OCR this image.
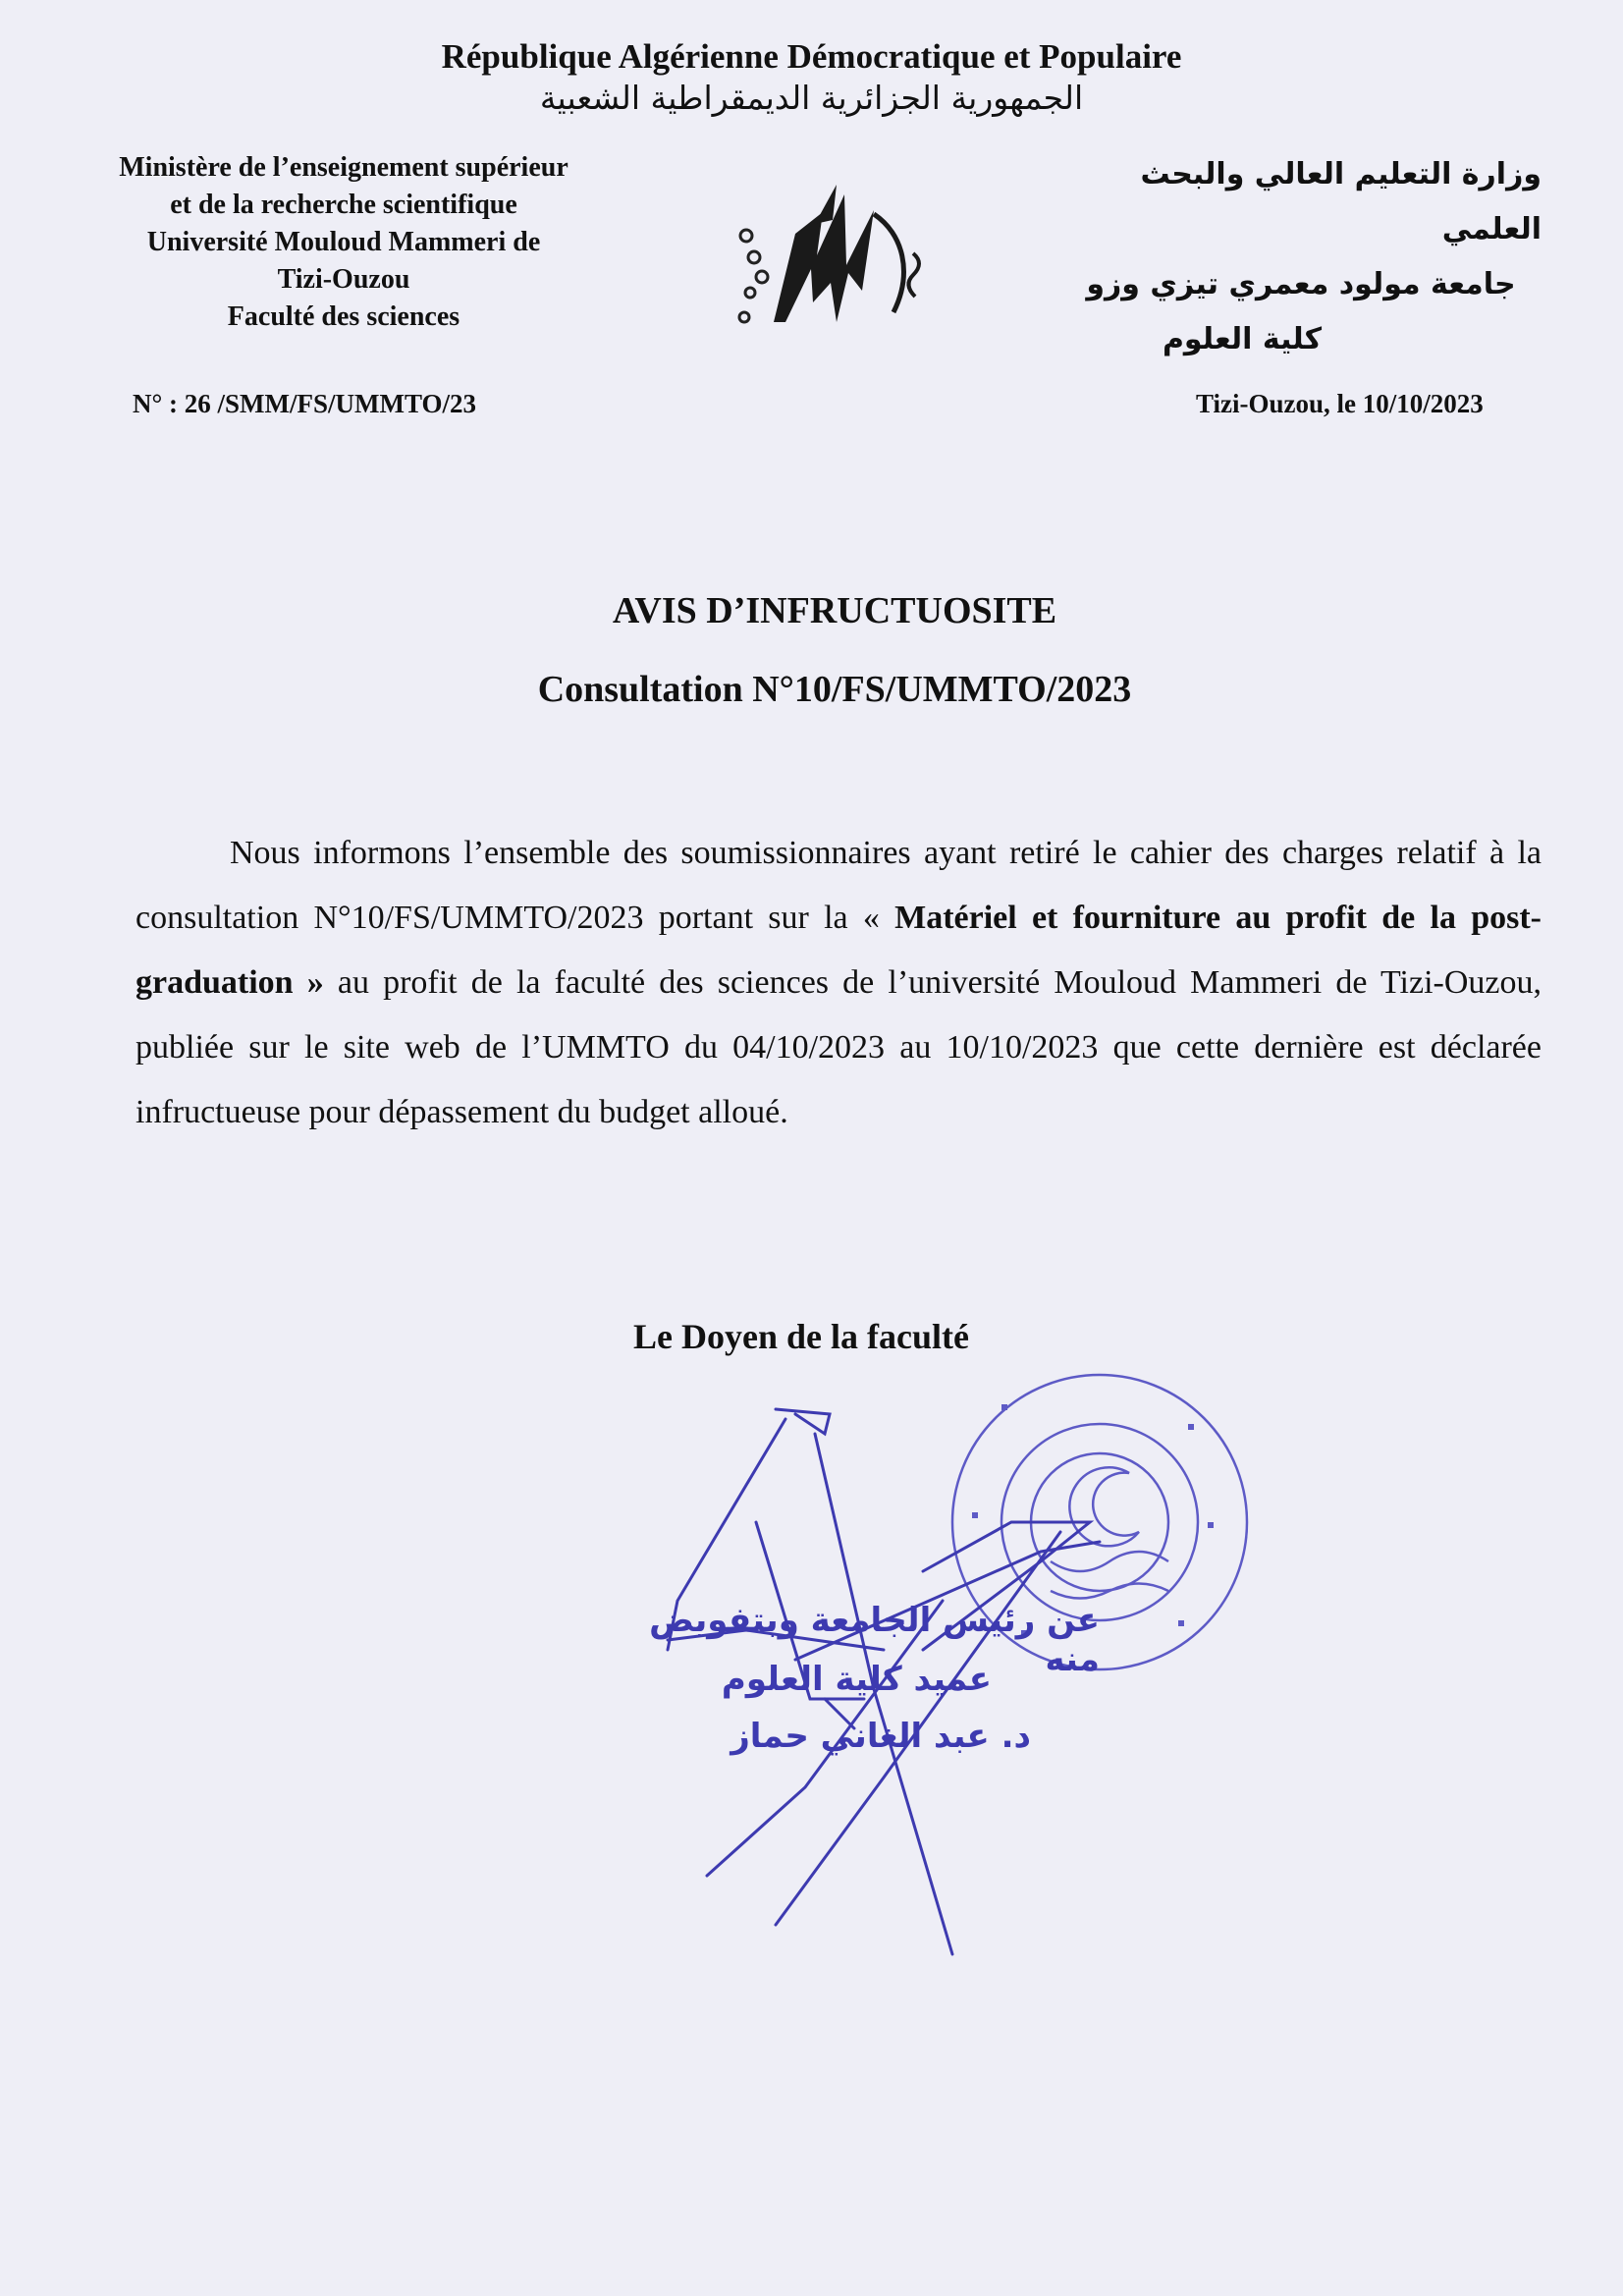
République Algérienne Démocratique et Populaire
الجمهورية الجزائرية الديمقراطية الشعبية
Ministère de l’enseignement supérieur
et de la recherche scientifique
Université Mouloud Mammeri de
Tizi-Ouzou
Faculté des sciences
وزارة التعليم العالي والبحث العلمي
جامعة مولود معمري تيزي وزو
كلية العلوم
N° : 26 /SMM/FS/UMMTO/23	Tizi-Ouzou, le 10/10/2023
AVIS D’INFRUCTUOSITE
Consultation N°10/FS/UMMTO/2023
Nous informons l’ensemble des soumissionnaires ayant retiré le cahier des charges relatif à la consultation N°10/FS/UMMTO/2023 portant sur la « Matériel et fourniture au profit de la post-graduation » au profit de la faculté des sciences de l’université Mouloud Mammeri de Tizi-Ouzou, publiée sur le site web de l’UMMTO du 04/10/2023 au 10/10/2023 que cette dernière est déclarée infructueuse pour dépassement du budget alloué.
Le Doyen de la faculté
عن رئيس الجامعة وبتفويض منه
عميد كلية العلوم
د. عبد الغاني حماز
